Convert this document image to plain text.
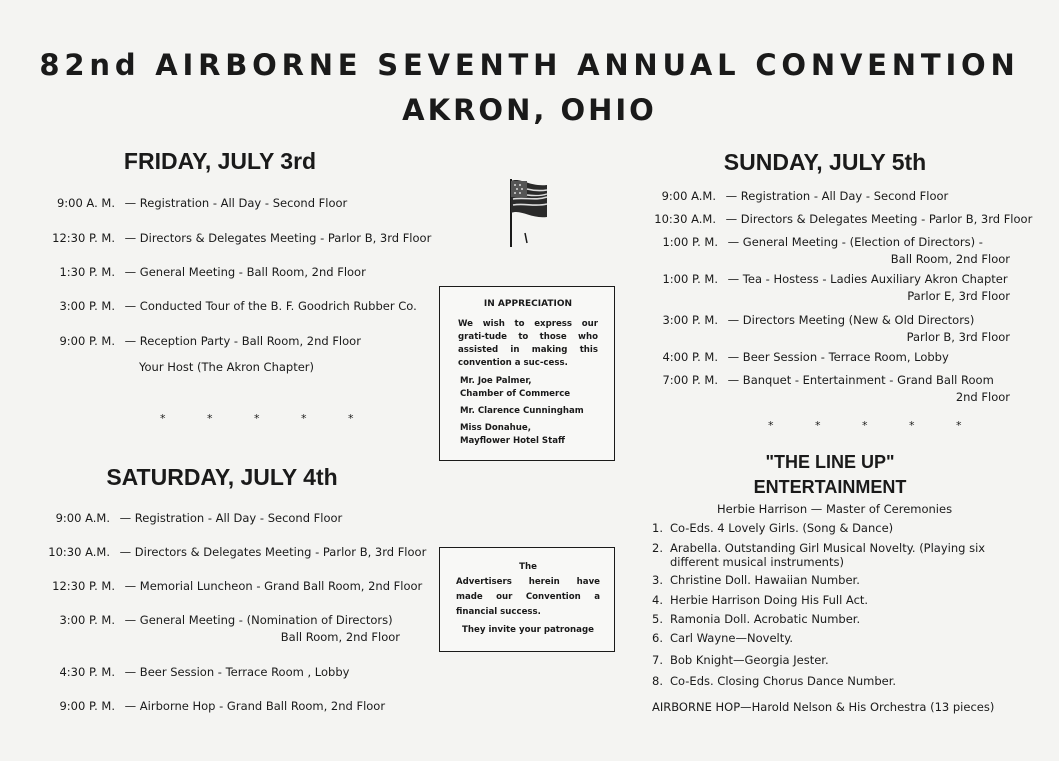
82nd AIRBORNE SEVENTH ANNUAL CONVENTION
AKRON, OHIO
FRIDAY, JULY 3rd
9:00 A. M. — Registration - All Day - Second Floor
12:30 P. M. — Directors & Delegates Meeting - Parlor B, 3rd Floor
1:30 P. M. — General Meeting - Ball Room, 2nd Floor
3:00 P. M. — Conducted Tour of the B. F. Goodrich Rubber Co.
9:00 P. M. — Reception Party - Ball Room, 2nd Floor
Your Host (The Akron Chapter)
* * * * *
SATURDAY, JULY 4th
9:00 A.M. — Registration - All Day - Second Floor
10:30 A.M. — Directors & Delegates Meeting - Parlor B, 3rd Floor
12:30 P. M. — Memorial Luncheon - Grand Ball Room, 2nd Floor
3:00 P. M. — General Meeting - (Nomination of Directors)
Ball Room, 2nd Floor
4:30 P. M. — Beer Session - Terrace Room , Lobby
9:00 P. M. — Airborne Hop - Grand Ball Room, 2nd Floor
IN APPRECIATION
We wish to express our grati-tude to those who assisted in making this convention a suc-cess.
Mr. Joe Palmer,
Chamber of Commerce
Mr. Clarence Cunningham
Miss Donahue,
Mayflower Hotel Staff
The
Advertisers herein have made our Convention a financial success.
They invite your patronage
SUNDAY, JULY 5th
9:00 A.M. — Registration - All Day - Second Floor
10:30 A.M. — Directors & Delegates Meeting - Parlor B, 3rd Floor
1:00 P. M. — General Meeting - (Election of Directors) -
Ball Room, 2nd Floor
1:00 P. M. — Tea - Hostess - Ladies Auxiliary Akron Chapter
Parlor E, 3rd Floor
3:00 P. M. — Directors Meeting (New & Old Directors)
Parlor B, 3rd Floor
4:00 P. M. — Beer Session - Terrace Room, Lobby
7:00 P. M. — Banquet - Entertainment - Grand Ball Room
2nd Floor
* * * * *
"THE LINE UP"
ENTERTAINMENT
Herbie Harrison — Master of Ceremonies
1. Co-Eds. 4 Lovely Girls. (Song & Dance)
2. Arabella. Outstanding Girl Musical Novelty. (Playing six
different musical instruments)
3. Christine Doll. Hawaiian Number.
4. Herbie Harrison Doing His Full Act.
5. Ramonia Doll. Acrobatic Number.
6. Carl Wayne—Novelty.
7. Bob Knight—Georgia Jester.
8. Co-Eds. Closing Chorus Dance Number.
AIRBORNE HOP—Harold Nelson & His Orchestra (13 pieces)
